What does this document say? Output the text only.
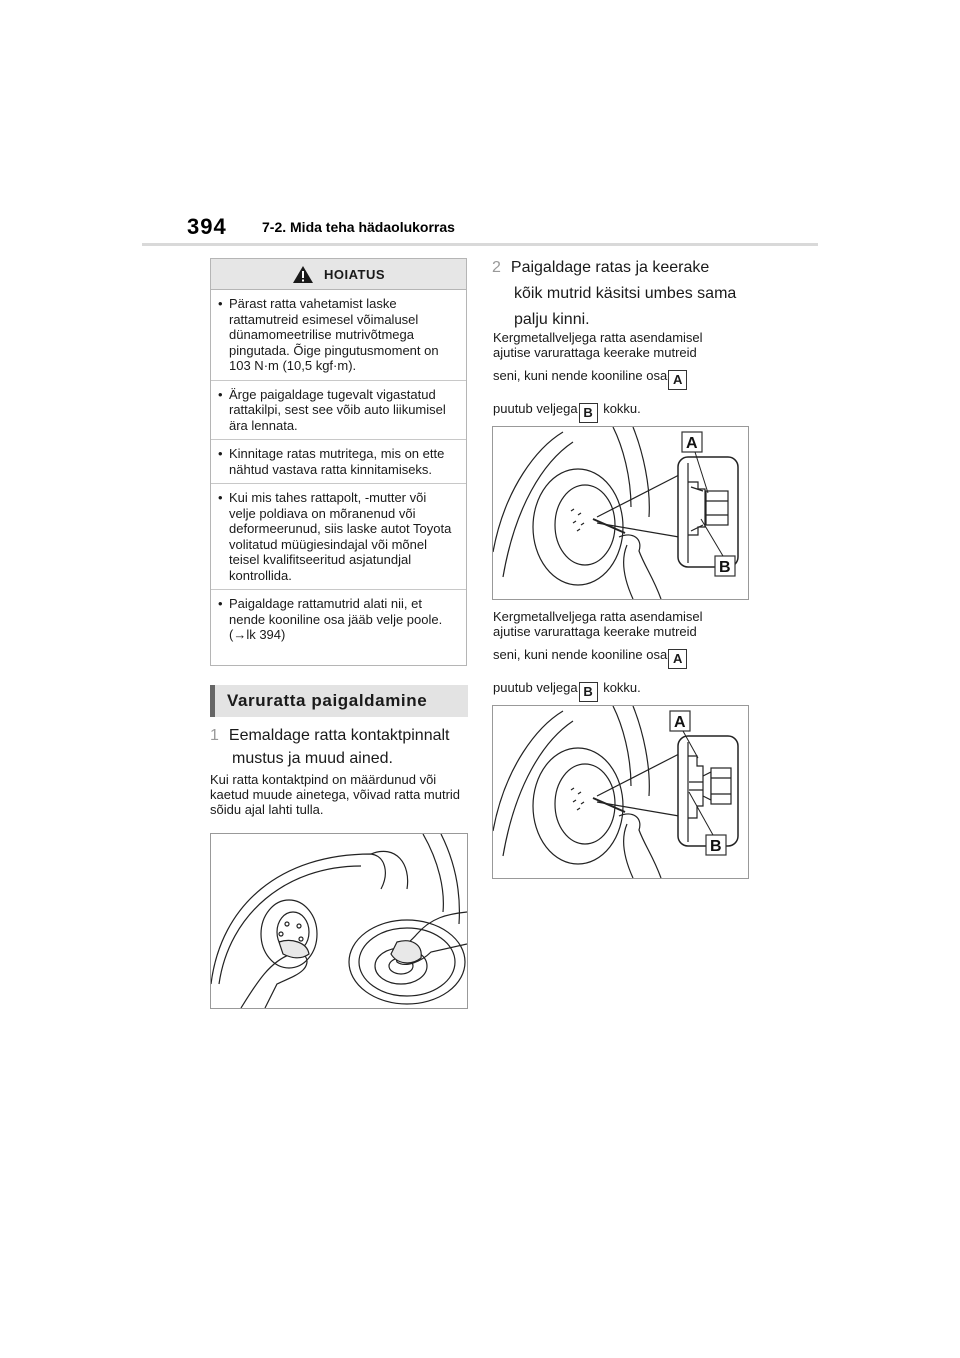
394	7-2. Mida teha hädaolukorras
HOIATUS
• Pärast ratta vahetamist laske rattamutreid esimesel võimalusel dünamomeetrilise mutrivõtmega pingutada. Õige pingutusmoment on 103 N·m (10,5 kgf·m).
• Ärge paigaldage tugevalt vigastatud rattakilpi, sest see võib auto liikumisel ära lennata.
• Kinnitage ratas mutritega, mis on ette nähtud vastava ratta kinnitamiseks.
• Kui mis tahes rattapolt, -mutter või velje poldiava on mõranenud või deformeerunud, siis laske autot Toyota volitatud müügiesindajal või mõnel teisel kvalifitseeritud asjatundjal kontrollida.
• Paigaldage rattamutrid alati nii, et nende kooniline osa jääb velje poole. (→lk 394)
Varuratta paigaldamine
1 Eemaldage ratta kontaktpinnalt
mustus ja muud ained.
Kui ratta kontaktpind on määrdunud või kaetud muude ainetega, võivad ratta mutrid sõidu ajal lahti tulla.
2 Paigaldage ratas ja keerake
kõik mutrid käsitsi umbes sama
palju kinni.
Kergmetallveljega ratta asendamisel
ajutise varurattaga keerake mutreid
seni, kuni nende kooniline osa A
puutub veljega B kokku.
A
B
Kergmetallveljega ratta asendamisel
ajutise varurattaga keerake mutreid
seni, kuni nende kooniline osa A
puutub veljega B kokku.
A
B
